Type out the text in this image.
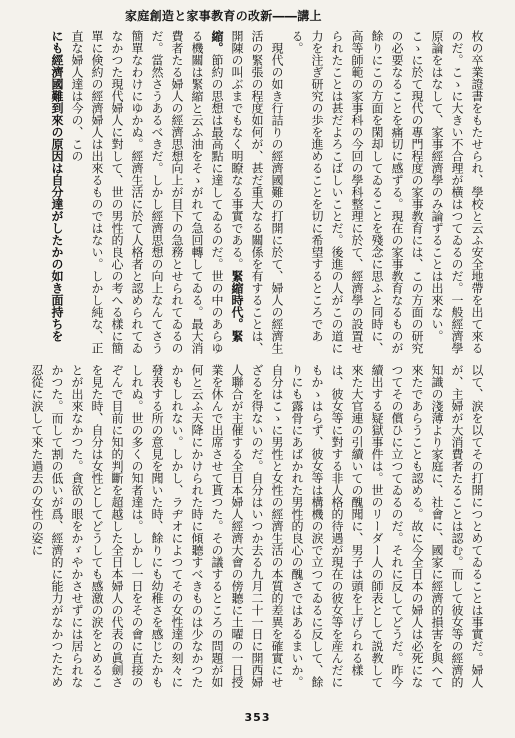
家庭創造と家事教育の改新――講上

枚の卒業證書をもたせられ、學校と云ふ安全地帶を出て來るのだ。こゝに大きい不合理が横はつてゐるのだ。一般經濟學原論をはなして、家事經濟學のみ論ずることは出來ない。こゝに於て現代の專門程度の家事教育には、この方面の研究の必要なることを痛切に感ずる。現在の家事教育なるものが餘りにこの方面を閑却してゐることを殘念に思ふと同時に、高等師範の家事科の今回の學科整理に於て、經濟學の設置せられたことは甚だよろこばしいことだ。後進の人がこの道に力を注ぎ研究の歩を進めることを切に希望するところである。

現代の如き行詰りの經濟國難の打開に於て、婦人の經濟生活の緊張の程度如何が、甚だ重大なる關係を有することは、開陳の叫ぶまでもなく明瞭なる事實である。緊縮時代。緊縮。節約の思想は最高點に達してゐるのだ。世の中のあらゆる機關は緊縮と云ふ油をそゝがれて急回轉してゐる。最大消費者たる婦人の經濟思想向上が目下の急務とせられてゐるのだ。當然さうあるべきだ。しかし經濟思想の向上なんてさう簡單なわけにゆかぬ。經濟生活に於て人格者と認められてゐなかつた現代婦人に對して、世の男性的良心の考へる樣に簡單に倹約の經濟婦人は出來るものではない。しかし純な、正直な婦人達は今の、この

にも經濟國難到來の原因は自分達がしたかの如き面持ちを

以て、涙を以てその打開につとめてゐることは事實だ。婦人が、主婦が大消費者たることは認む。而して彼女等の經濟的知識の淺薄より家庭に、社會に、國家に經濟的損害を與へて來たであらうことも認める。故に今全日本の婦人は必死になつてその償ひに立つてゐるのだ。それに反してどうだ。昨今續出する疑獄事件は。世のリーダー人の師表として説教して來た大官連の引續いての醜聞に、男子は頭を上げられる樣は、彼女等に對する非人格的待遇が現在の彼女等を産んだにもかゝはらず、彼女等は構機の涙で立つてゐるに反して、餘りにも露骨にあばかれた男性的良心の醜さではあるまいか。自分はこゝに男性と女性の經濟生活の本質的差異を確實にせざるを得ないのだ。自分はいつか去る九月二十一日に開西婦人聯合が主催する全日本婦人經濟大會の傍聽に土曜の一日授業を休んで出席させて貰つた。その議するところの問題が如何と云ふ天降にかけられた時に傾聽すべきものは少なかつたかもしれない。しかし、ラヂオによつてその女性達の刻々に發表する所の意見を聞いた時、餘りにも幼稚さを感じたかもしれぬ。世の多くの知者達は。しかし一日をその會に直接のぞんで目前に知的判斷を超越した全日本婦人の代表の眞劍さを見た時、自分は女性としてどうしても感激の涙をとめることが出來なかつた。貪欲の眼をかゞやかさせずには居られなかつた。而して割の低いが爲、經濟的に能力がなかつたため忍從に涙して來た過去の女性の姿に

353
